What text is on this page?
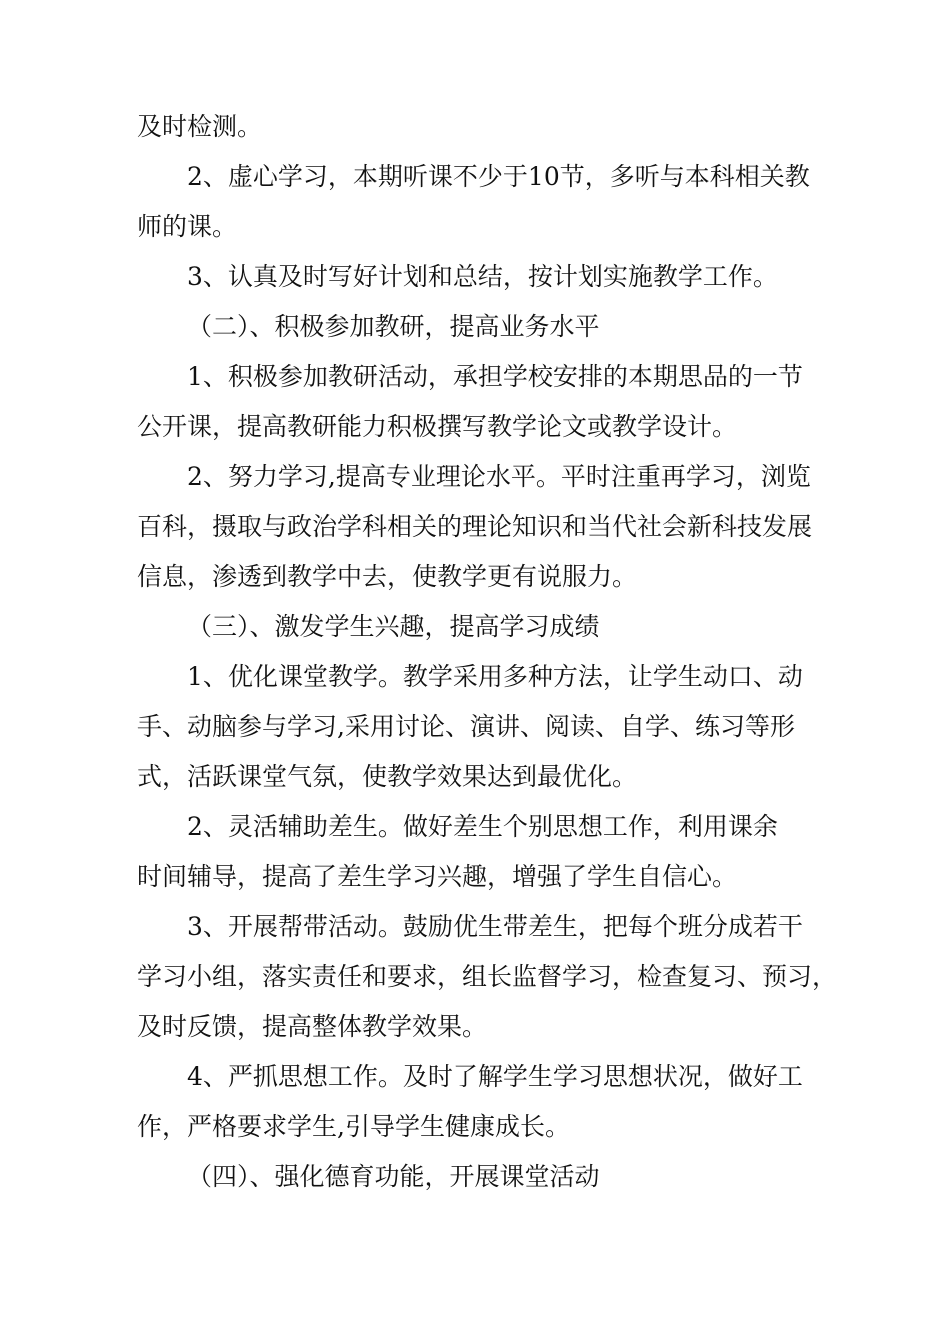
及时检测。
2、虚心学习，本期听课不少于10节，多听与本科相关教
师的课。
3、认真及时写好计划和总结，按计划实施教学工作。
（二）、积极参加教研，提高业务水平
1、积极参加教研活动，承担学校安排的本期思品的一节
公开课，提高教研能力积极撰写教学论文或教学设计。
2、努力学习,提高专业理论水平。平时注重再学习，浏览
百科，摄取与政治学科相关的理论知识和当代社会新科技发展
信息，渗透到教学中去，使教学更有说服力。
（三）、激发学生兴趣，提高学习成绩
1、优化课堂教学。教学采用多种方法，让学生动口、动
手、动脑参与学习,采用讨论、演讲、阅读、自学、练习等形
式，活跃课堂气氛，使教学效果达到最优化。
2、灵活辅助差生。做好差生个别思想工作，利用课余
时间辅导，提高了差生学习兴趣，增强了学生自信心。
3、开展帮带活动。鼓励优生带差生，把每个班分成若干
学习小组，落实责任和要求，组长监督学习，检查复习、预习，
及时反馈，提高整体教学效果。
4、严抓思想工作。及时了解学生学习思想状况，做好工
作，严格要求学生,引导学生健康成长。
（四）、强化德育功能，开展课堂活动
